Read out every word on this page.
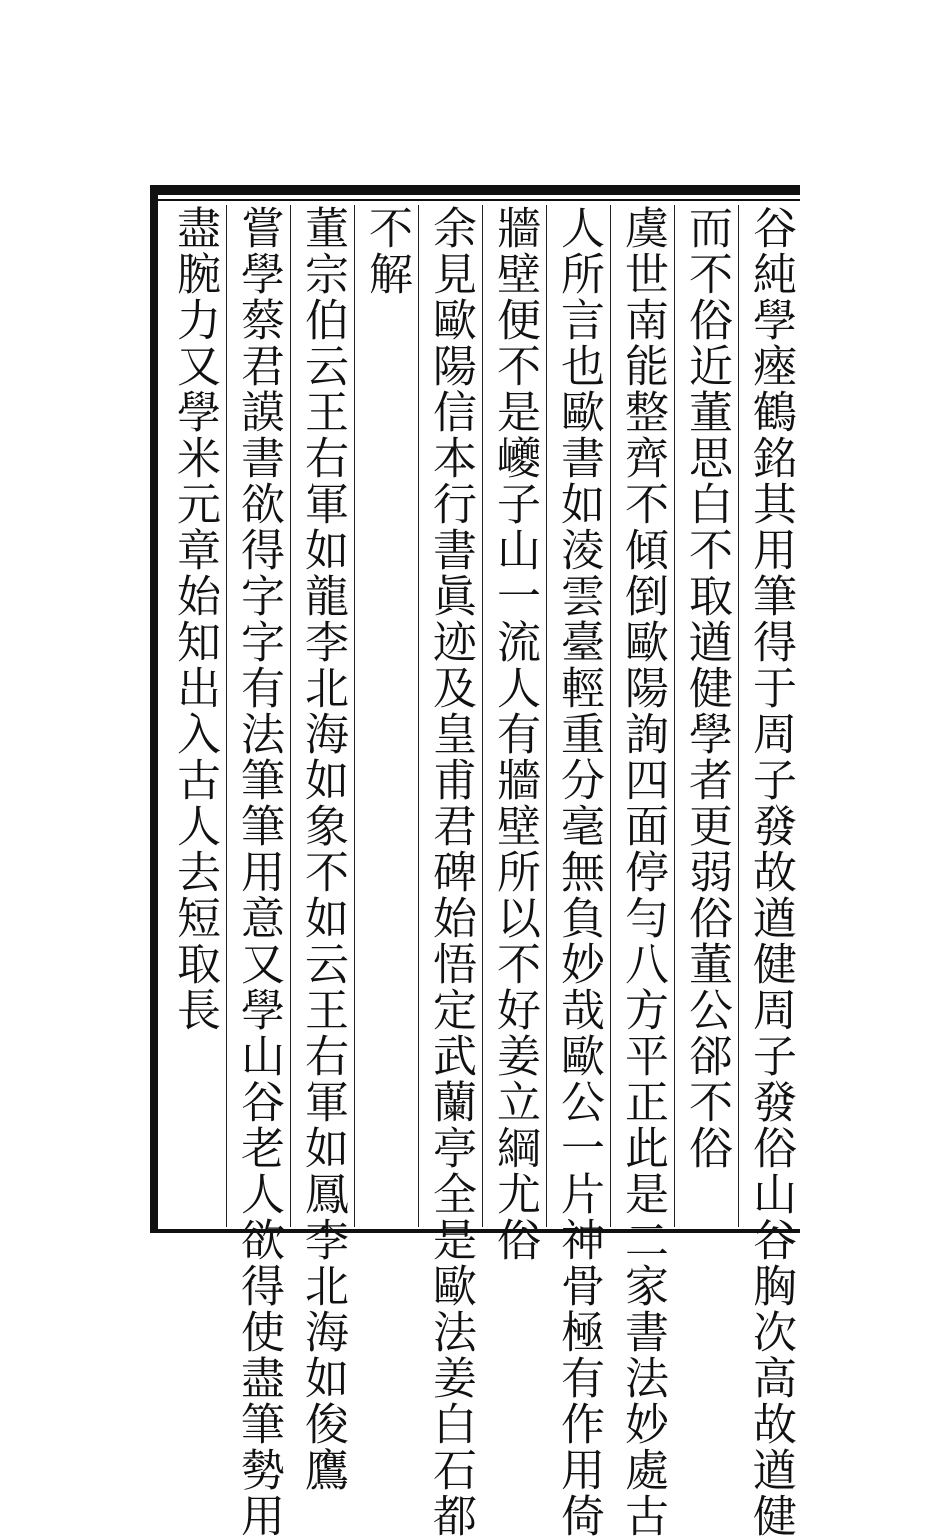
谷純學瘞鶴銘其用筆得于周子發故遒健周子發俗山谷胸次高故遒健
而不俗近董思白不取遒健學者更弱俗董公郤不俗
虞世南能整齊不傾倒歐陽詢四面停勻八方平正此是二家書法妙處古
人所言也歐書如淩雲臺輕重分毫無負妙哉歐公一片神骨極有作用倚
牆壁便不是巙子山一流人有牆壁所以不好姜立綱尤俗
余見歐陽信本行書眞迹及皇甫君碑始悟定武蘭亭全是歐法姜白石都
不解
董宗伯云王右軍如龍李北海如象不如云王右軍如鳳李北海如俊鷹
嘗學蔡君謨書欲得字字有法筆筆用意又學山谷老人欲得使盡筆勢用
盡腕力又學米元章始知出入古人去短取長
